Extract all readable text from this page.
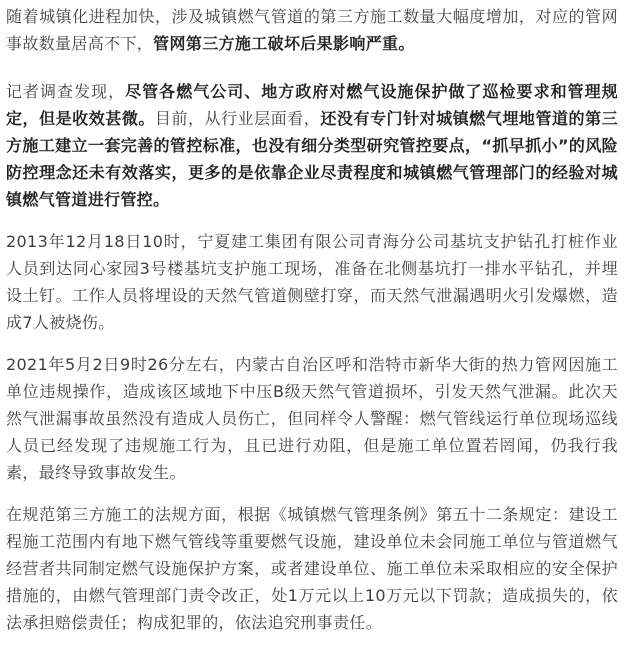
随着城镇化进程加快，涉及城镇燃气管道的第三方施工数量大幅度增加，对应的管网事故数量居高不下，管网第三方施工破坏后果影响严重。

记者调查发现，尽管各燃气公司、地方政府对燃气设施保护做了巡检要求和管理规定，但是收效甚微。目前，从行业层面看，还没有专门针对城镇燃气埋地管道的第三方施工建立一套完善的管控标准，也没有细分类型研究管控要点，“抓早抓小”的风险防控理念还未有效落实，更多的是依靠企业尽责程度和城镇燃气管理部门的经验对城镇燃气管道进行管控。

2013年12月18日10时，宁夏建工集团有限公司青海分公司基坑支护钻孔打桩作业人员到达同心家园3号楼基坑支护施工现场，准备在北侧基坑打一排水平钻孔，并埋设土钉。工作人员将埋设的天然气管道侧壁打穿，而天然气泄漏遇明火引发爆燃，造成7人被烧伤。

2021年5月2日9时26分左右，内蒙古自治区呼和浩特市新华大街的热力管网因施工单位违规操作，造成该区域地下中压B级天然气管道损坏，引发天然气泄漏。此次天然气泄漏事故虽然没有造成人员伤亡，但同样令人警醒：燃气管线运行单位现场巡线人员已经发现了违规施工行为，且已进行劝阻，但是施工单位置若罔闻，仍我行我素，最终导致事故发生。

在规范第三方施工的法规方面，根据《城镇燃气管理条例》第五十二条规定：建设工程施工范围内有地下燃气管线等重要燃气设施，建设单位未会同施工单位与管道燃气经营者共同制定燃气设施保护方案，或者建设单位、施工单位未采取相应的安全保护措施的，由燃气管理部门责令改正，处1万元以上10万元以下罚款；造成损失的，依法承担赔偿责任；构成犯罪的，依法追究刑事责任。
